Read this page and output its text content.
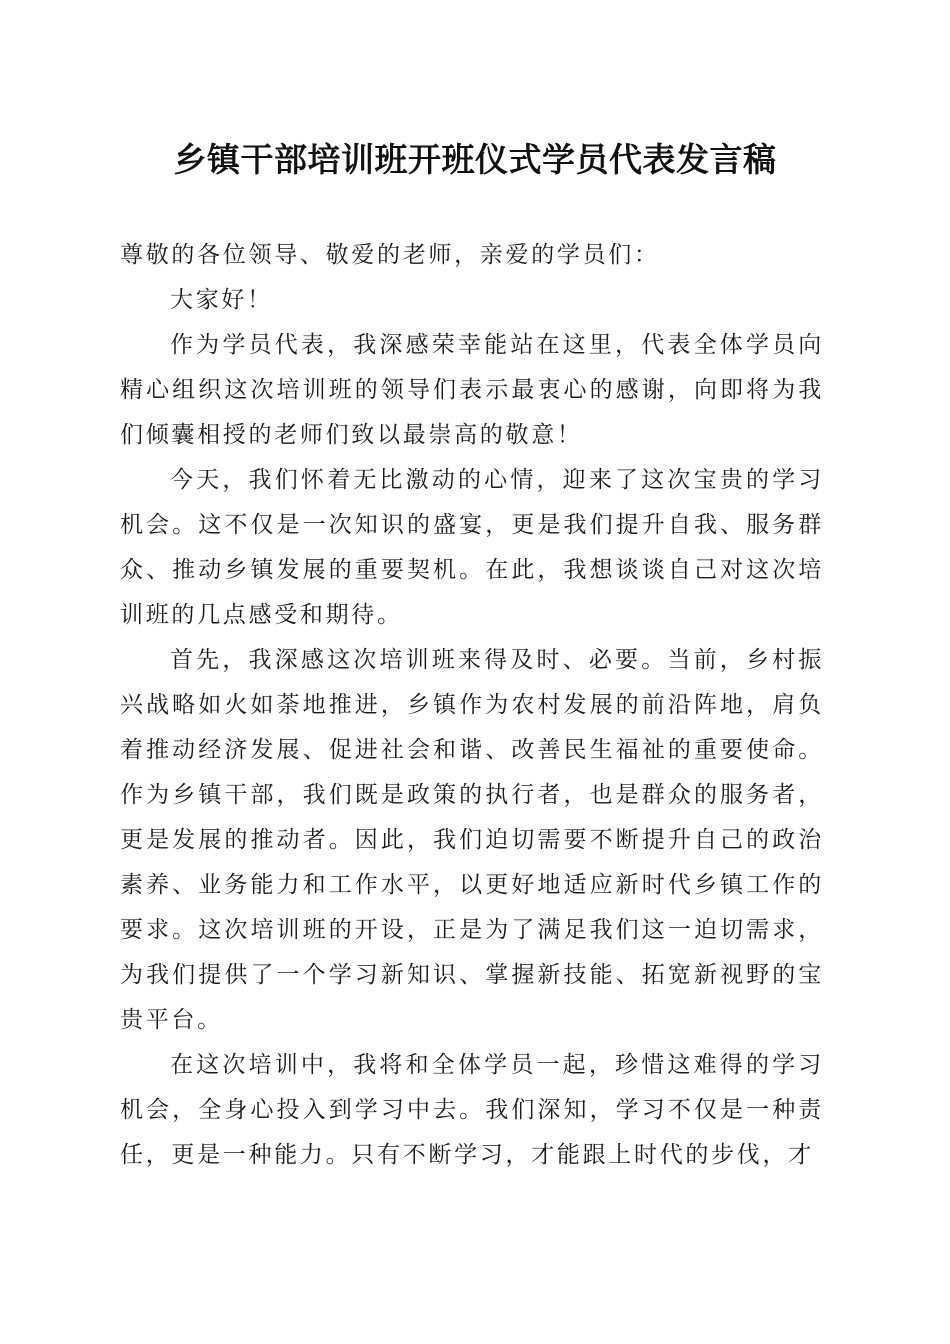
乡镇干部培训班开班仪式学员代表发言稿

尊敬的各位领导、敬爱的老师，亲爱的学员们：

大家好！

作为学员代表，我深感荣幸能站在这里，代表全体学员向精心组织这次培训班的领导们表示最衷心的感谢，向即将为我们倾囊相授的老师们致以最崇高的敬意！

今天，我们怀着无比激动的心情，迎来了这次宝贵的学习机会。这不仅是一次知识的盛宴，更是我们提升自我、服务群众、推动乡镇发展的重要契机。在此，我想谈谈自己对这次培训班的几点感受和期待。

首先，我深感这次培训班来得及时、必要。当前，乡村振兴战略如火如荼地推进，乡镇作为农村发展的前沿阵地，肩负着推动经济发展、促进社会和谐、改善民生福祉的重要使命。作为乡镇干部，我们既是政策的执行者，也是群众的服务者，更是发展的推动者。因此，我们迫切需要不断提升自己的政治素养、业务能力和工作水平，以更好地适应新时代乡镇工作的要求。这次培训班的开设，正是为了满足我们这一迫切需求，为我们提供了一个学习新知识、掌握新技能、拓宽新视野的宝贵平台。

在这次培训中，我将和全体学员一起，珍惜这难得的学习机会，全身心投入到学习中去。我们深知，学习不仅是一种责任，更是一种能力。只有不断学习，才能跟上时代的步伐，才
